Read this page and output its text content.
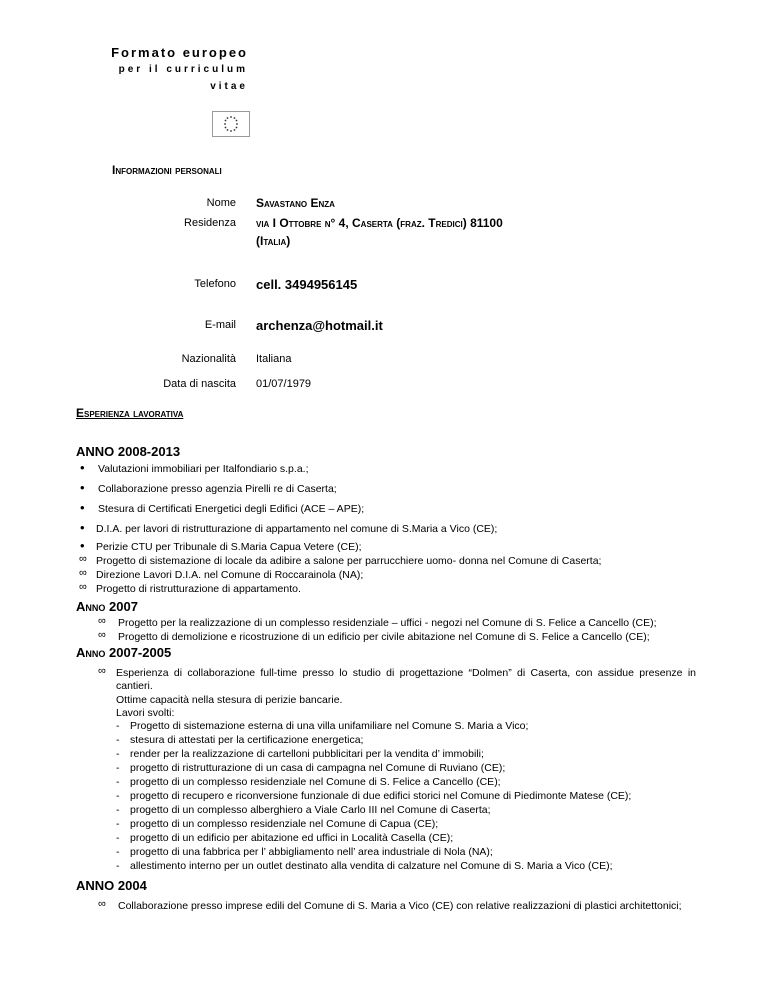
Formato europeo
per il curriculum
vitae
Informazioni personali
Nome Savastano Enza
Residenza via I Ottobre n° 4, Caserta (fraz. Tredici) 81100
(Italia)
Telefono cell. 3494956145
E-mail archenza@hotmail.it
Nazionalità Italiana
Data di nascita 01/07/1979
Esperienza lavorativa
ANNO 2008-2013
• Valutazioni immobiliari per Italfondiario s.p.a.;
• Collaborazione presso agenzia Pirelli re di Caserta;
• Stesura di Certificati Energetici degli Edifici (ACE – APE);
• D.I.A. per lavori di ristrutturazione di appartamento nel comune di S.Maria a Vico (CE);
• Perizie CTU per Tribunale di S.Maria Capua Vetere (CE);
∞ Progetto di sistemazione di locale da adibire a salone per parrucchiere uomo- donna nel Comune di Caserta;
∞ Direzione Lavori D.I.A. nel Comune di Roccarainola (NA);
∞ Progetto di ristrutturazione di appartamento.
Anno 2007
∞ Progetto per la realizzazione di un complesso residenziale – uffici - negozi nel Comune di S. Felice a Cancello (CE);
∞ Progetto di demolizione e ricostruzione di un edificio per civile abitazione nel Comune di S. Felice a Cancello (CE);
Anno 2007-2005
∞ Esperienza di collaborazione full-time presso lo studio di progettazione “Dolmen” di Caserta, con assidue presenze in cantieri.
Ottime capacità nella stesura di perizie bancarie.
Lavori svolti:
- Progetto di sistemazione esterna di una villa unifamiliare nel Comune S. Maria a Vico;
- stesura di attestati per la certificazione energetica;
- render per la realizzazione di cartelloni pubblicitari per la vendita d’ immobili;
- progetto di ristrutturazione di un casa di campagna nel Comune di Ruviano (CE);
- progetto di un complesso residenziale nel Comune di S. Felice a Cancello (CE);
- progetto di recupero e riconversione funzionale di due edifici storici nel Comune di Piedimonte Matese (CE);
- progetto di un complesso alberghiero a Viale Carlo III nel Comune di Caserta;
- progetto di un complesso residenziale nel Comune di Capua (CE);
- progetto di un edificio per abitazione ed uffici in Località Casella (CE);
- progetto di una fabbrica per l’ abbigliamento nell’ area industriale di Nola (NA);
- allestimento interno per un outlet destinato alla vendita di calzature nel Comune di S. Maria a Vico (CE);
ANNO 2004
∞ Collaborazione presso imprese edili del Comune di S. Maria a Vico (CE) con relative realizzazioni di plastici architettonici;
